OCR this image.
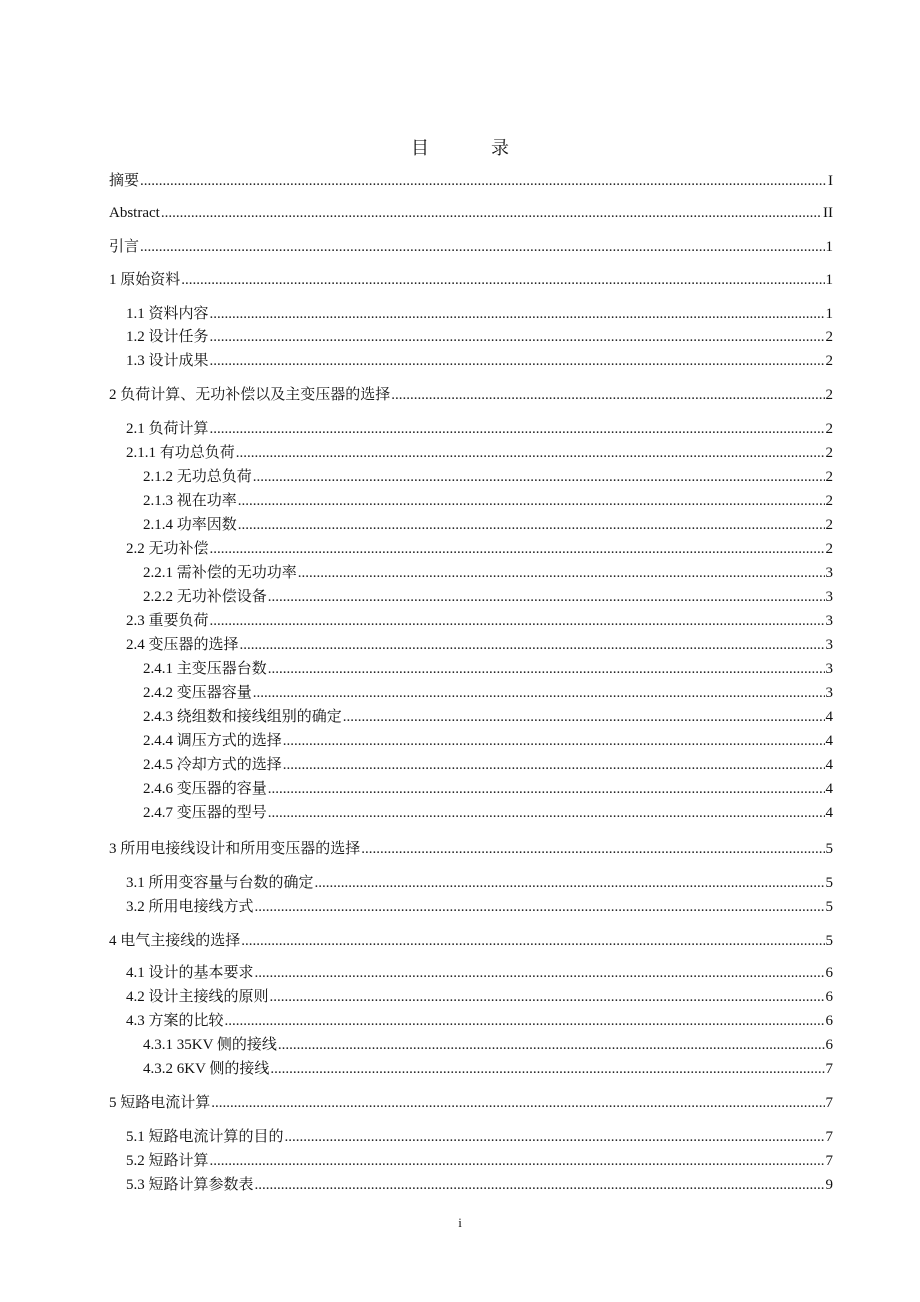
目	录
摘要 .....	I
Abstract .....	II
引言 .....	1
1 原始资料 .....	1
1.1 资料内容 .....	1
1.2 设计任务 .....	2
1.3 设计成果 .....	2
2 负荷计算、无功补偿以及主变压器的选择 .....	2
2.1 负荷计算 .....	2
2.1.1 有功总负荷 .....	2
2.1.2 无功总负荷 .....	2
2.1.3 视在功率 .....	2
2.1.4 功率因数 .....	2
2.2 无功补偿 .....	2
2.2.1 需补偿的无功功率 .....	3
2.2.2 无功补偿设备 .....	3
2.3 重要负荷 .....	3
2.4 变压器的选择 .....	3
2.4.1 主变压器台数 .....	3
2.4.2 变压器容量 .....	3
2.4.3 绕组数和接线组别的确定 .....	4
2.4.4 调压方式的选择 .....	4
2.4.5 冷却方式的选择 .....	4
2.4.6 变压器的容量 .....	4
2.4.7 变压器的型号 .....	4
3 所用电接线设计和所用变压器的选择 .....	5
3.1 所用变容量与台数的确定 .....	5
3.2 所用电接线方式 .....	5
4 电气主接线的选择 .....	5
4.1 设计的基本要求 .....	6
4.2 设计主接线的原则 .....	6
4.3 方案的比较 .....	6
4.3.1 35KV 侧的接线 .....	6
4.3.2 6KV 侧的接线 .....	7
5 短路电流计算 .....	7
5.1 短路电流计算的目的 .....	7
5.2 短路计算 .....	7
5.3 短路计算参数表 .....	9
i
